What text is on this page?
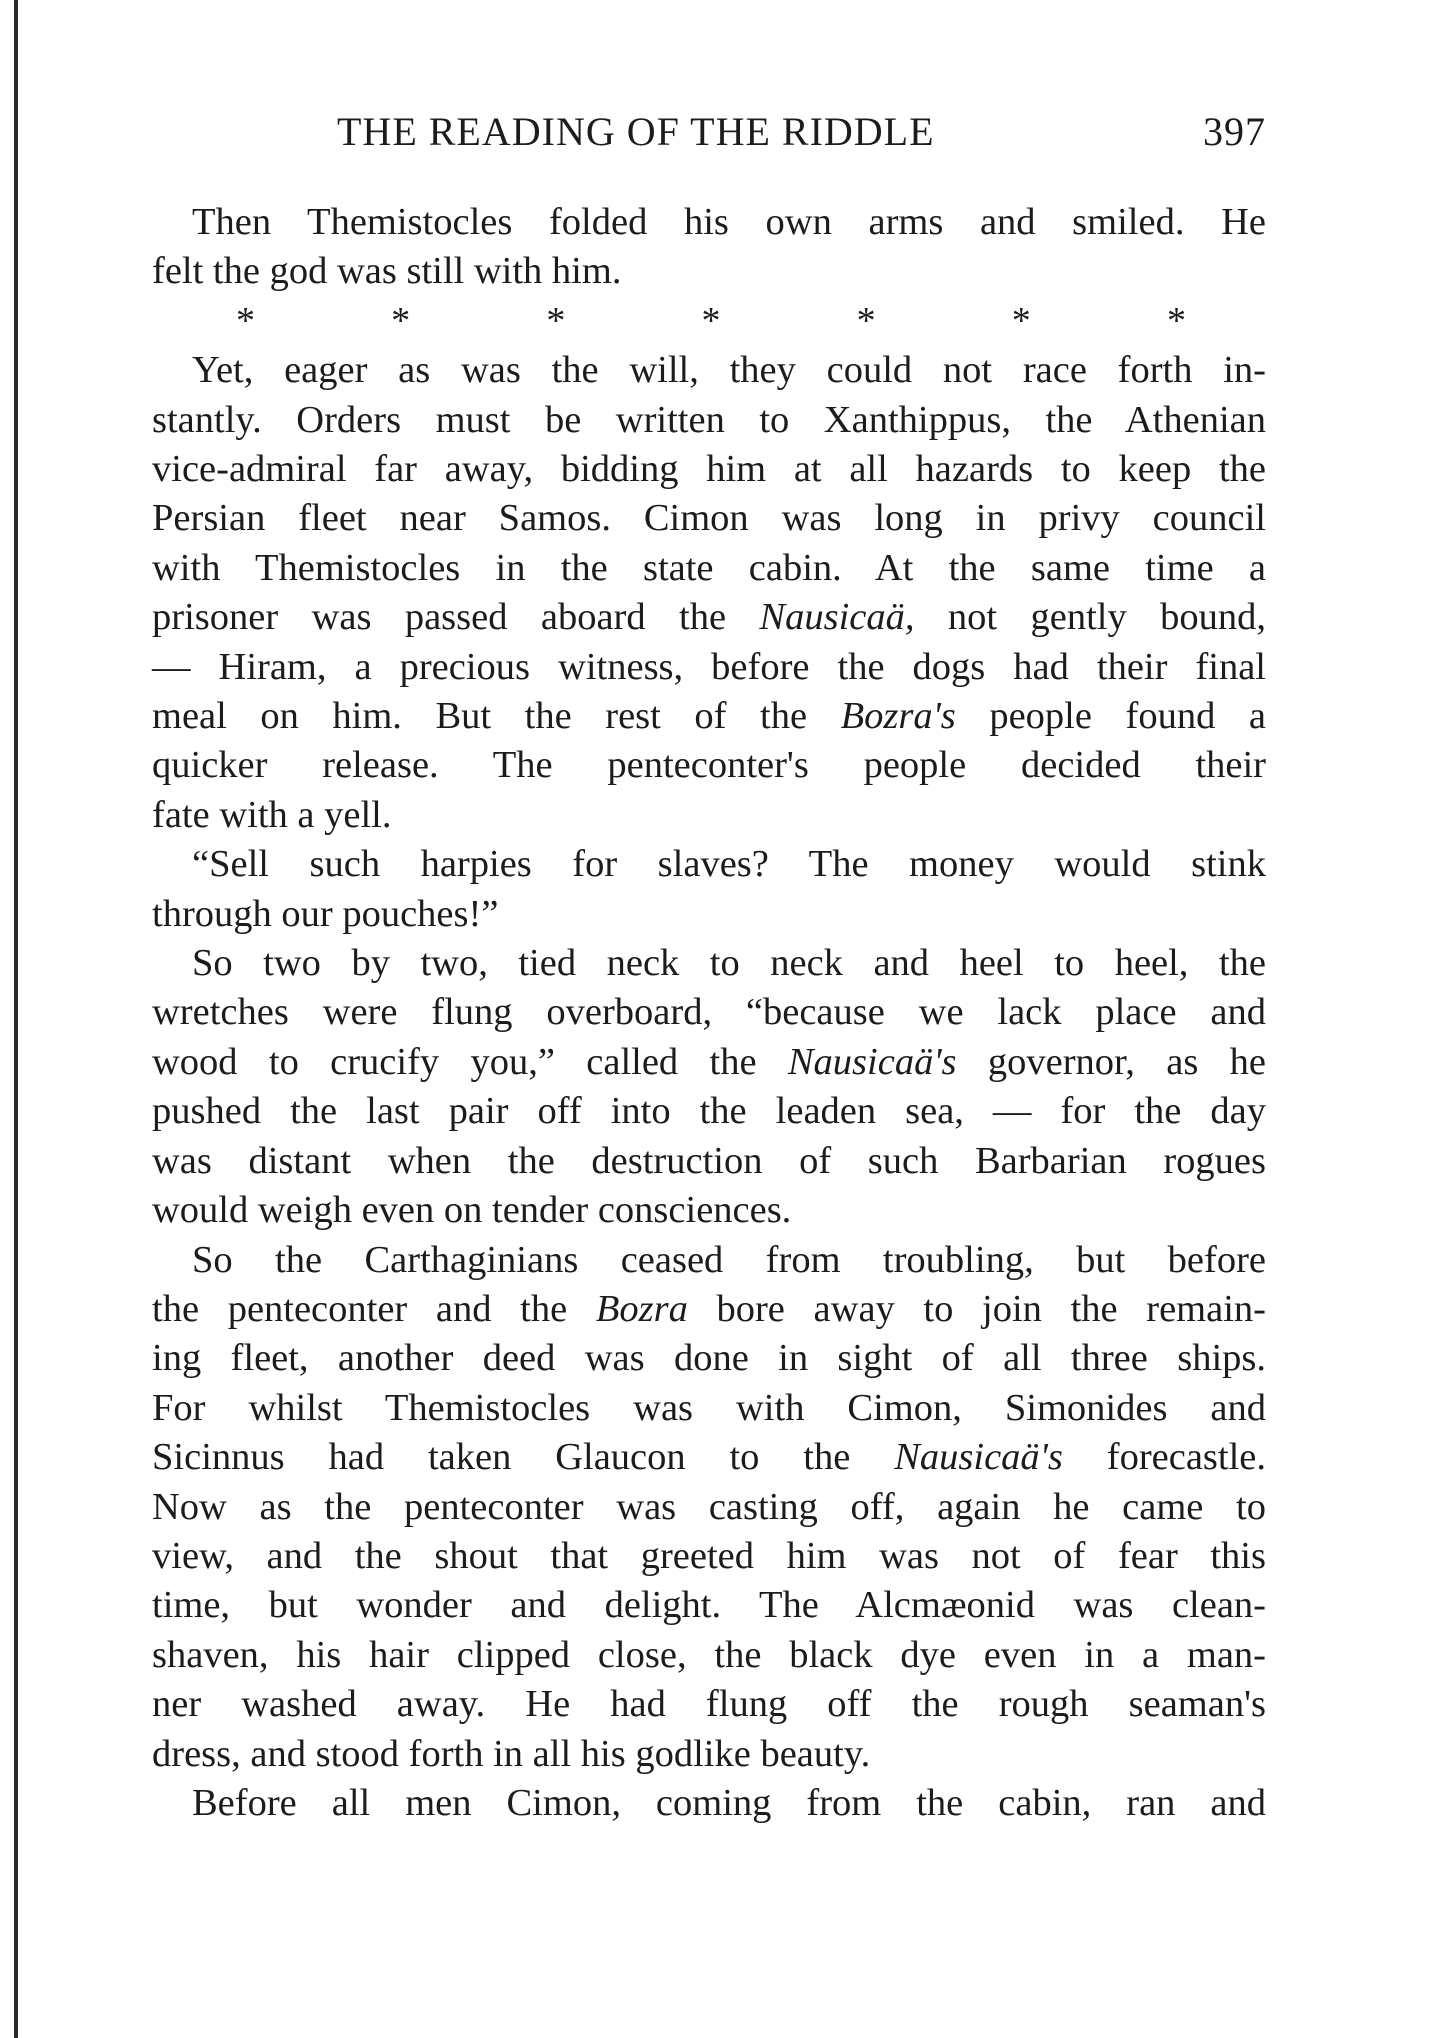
THE READING OF THE RIDDLE	397

Then Themistocles folded his own arms and smiled. He
felt the god was still with him.

*	*	*	*	*	*	*

Yet, eager as was the will, they could not race forth in-
stantly. Orders must be written to Xanthippus, the Athenian
vice-admiral far away, bidding him at all hazards to keep the
Persian fleet near Samos. Cimon was long in privy council
with Themistocles in the state cabin. At the same time a
prisoner was passed aboard the Nausicaä, not gently bound,
— Hiram, a precious witness, before the dogs had their final
meal on him. But the rest of the Bozra's people found a
quicker release. The penteconter's people decided their
fate with a yell.

“Sell such harpies for slaves? The money would stink
through our pouches!”

So two by two, tied neck to neck and heel to heel, the
wretches were flung overboard, “because we lack place and
wood to crucify you,” called the Nausicaä's governor, as he
pushed the last pair off into the leaden sea, — for the day
was distant when the destruction of such Barbarian rogues
would weigh even on tender consciences.

So the Carthaginians ceased from troubling, but before
the penteconter and the Bozra bore away to join the remain-
ing fleet, another deed was done in sight of all three ships.
For whilst Themistocles was with Cimon, Simonides and
Sicinnus had taken Glaucon to the Nausicaä's forecastle.
Now as the penteconter was casting off, again he came to
view, and the shout that greeted him was not of fear this
time, but wonder and delight. The Alcmæonid was clean-
shaven, his hair clipped close, the black dye even in a man-
ner washed away. He had flung off the rough seaman's
dress, and stood forth in all his godlike beauty.

Before all men Cimon, coming from the cabin, ran and
